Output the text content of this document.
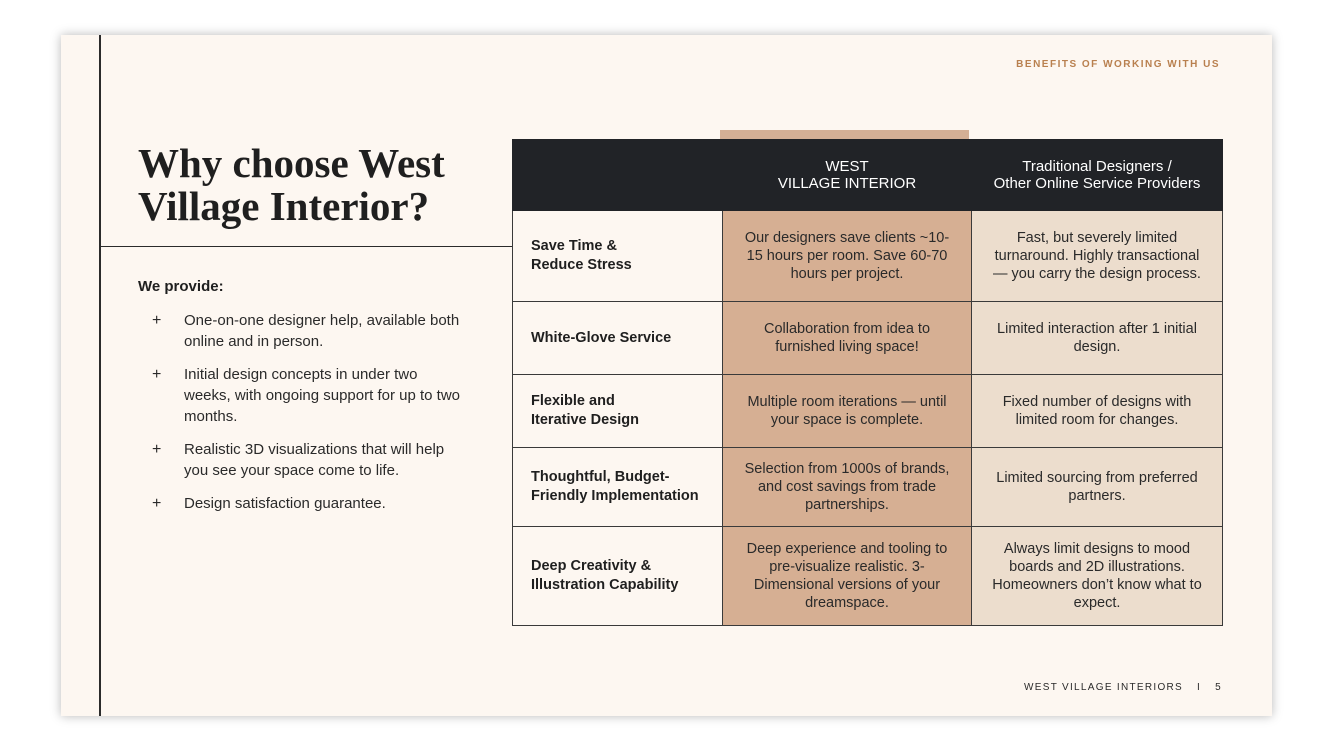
BENEFITS OF WORKING WITH US
Why choose West Village Interior?
We provide:
+	One-on-one designer help, available both online and in person.
+	Initial design concepts in under two weeks, with ongoing support for up to two months.
+	Realistic 3D visualizations that will help you see your space come to life.
+	Design satisfaction guarantee.
	WEST
VILLAGE INTERIOR	Traditional Designers /
Other Online Service Providers
Save Time &
Reduce Stress	Our designers save clients ~10-15 hours per room. Save 60-70 hours per project.	Fast, but severely limited turnaround. Highly transactional — you carry the design process.
White-Glove Service	Collaboration from idea to furnished living space!	Limited interaction after 1 initial design.
Flexible and
Iterative Design	Multiple room iterations — until your space is complete.	Fixed number of designs with limited room for changes.
Thoughtful, Budget-
Friendly Implementation	Selection from 1000s of brands, and cost savings from trade partnerships.	Limited sourcing from preferred partners.
Deep Creativity &
Illustration Capability	Deep experience and tooling to pre-visualize realistic. 3-Dimensional versions of your dreamspace.	Always limit designs to mood boards and 2D illustrations. Homeowners don’t know what to expect.
WEST VILLAGE INTERIORS I 5
